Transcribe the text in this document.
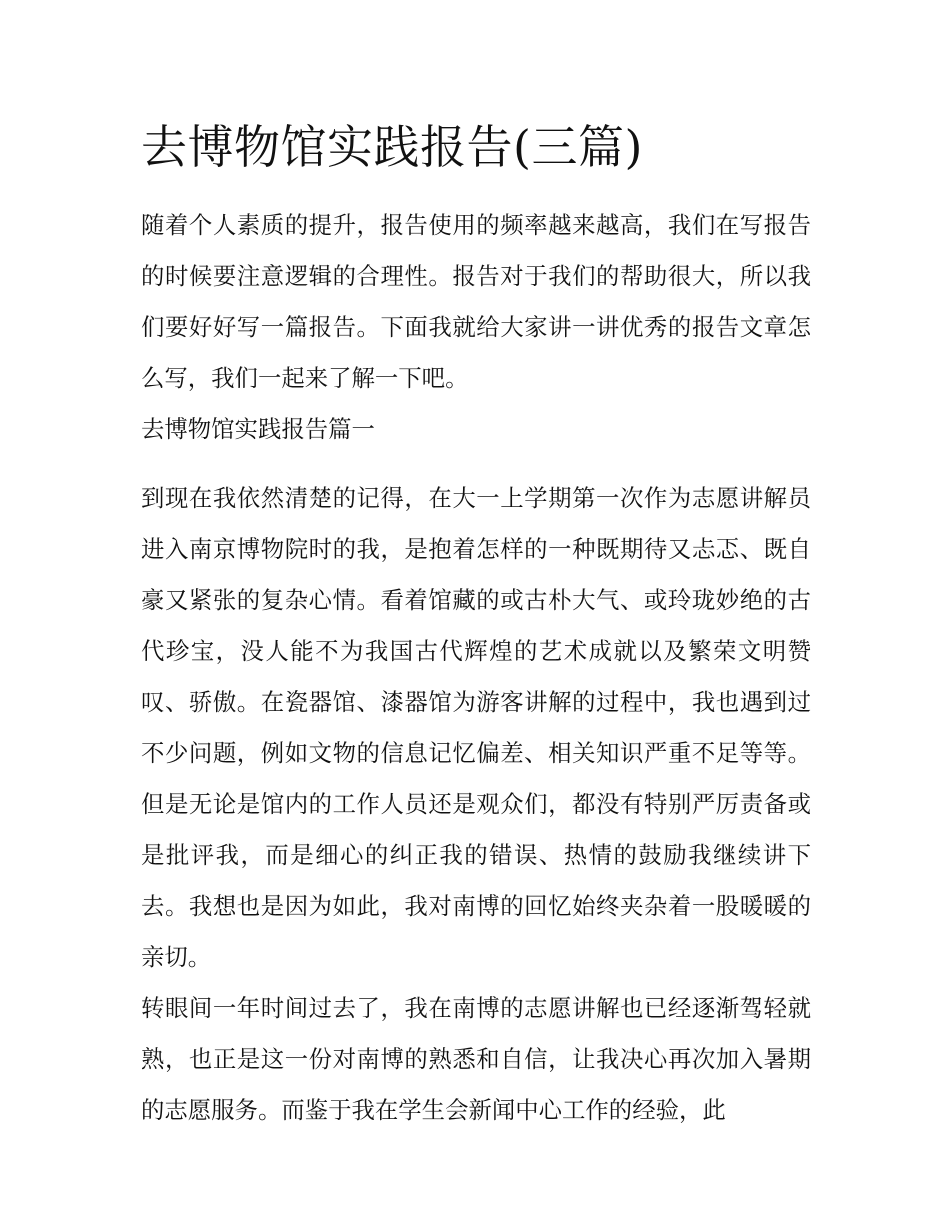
去博物馆实践报告(三篇)

随着个人素质的提升，报告使用的频率越来越高，我们在写报告的时候要注意逻辑的合理性。报告对于我们的帮助很大，所以我们要好好写一篇报告。下面我就给大家讲一讲优秀的报告文章怎么写，我们一起来了解一下吧。

去博物馆实践报告篇一

到现在我依然清楚的记得，在大一上学期第一次作为志愿讲解员进入南京博物院时的我，是抱着怎样的一种既期待又忐忑、既自豪又紧张的复杂心情。看着馆藏的或古朴大气、或玲珑妙绝的古代珍宝，没人能不为我国古代辉煌的艺术成就以及繁荣文明赞叹、骄傲。在瓷器馆、漆器馆为游客讲解的过程中，我也遇到过不少问题，例如文物的信息记忆偏差、相关知识严重不足等等。但是无论是馆内的工作人员还是观众们，都没有特别严厉责备或是批评我，而是细心的纠正我的错误、热情的鼓励我继续讲下去。我想也是因为如此，我对南博的回忆始终夹杂着一股暖暖的亲切。

转眼间一年时间过去了，我在南博的志愿讲解也已经逐渐驾轻就熟，也正是这一份对南博的熟悉和自信，让我决心再次加入暑期的志愿服务。而鉴于我在学生会新闻中心工作的经验，此
